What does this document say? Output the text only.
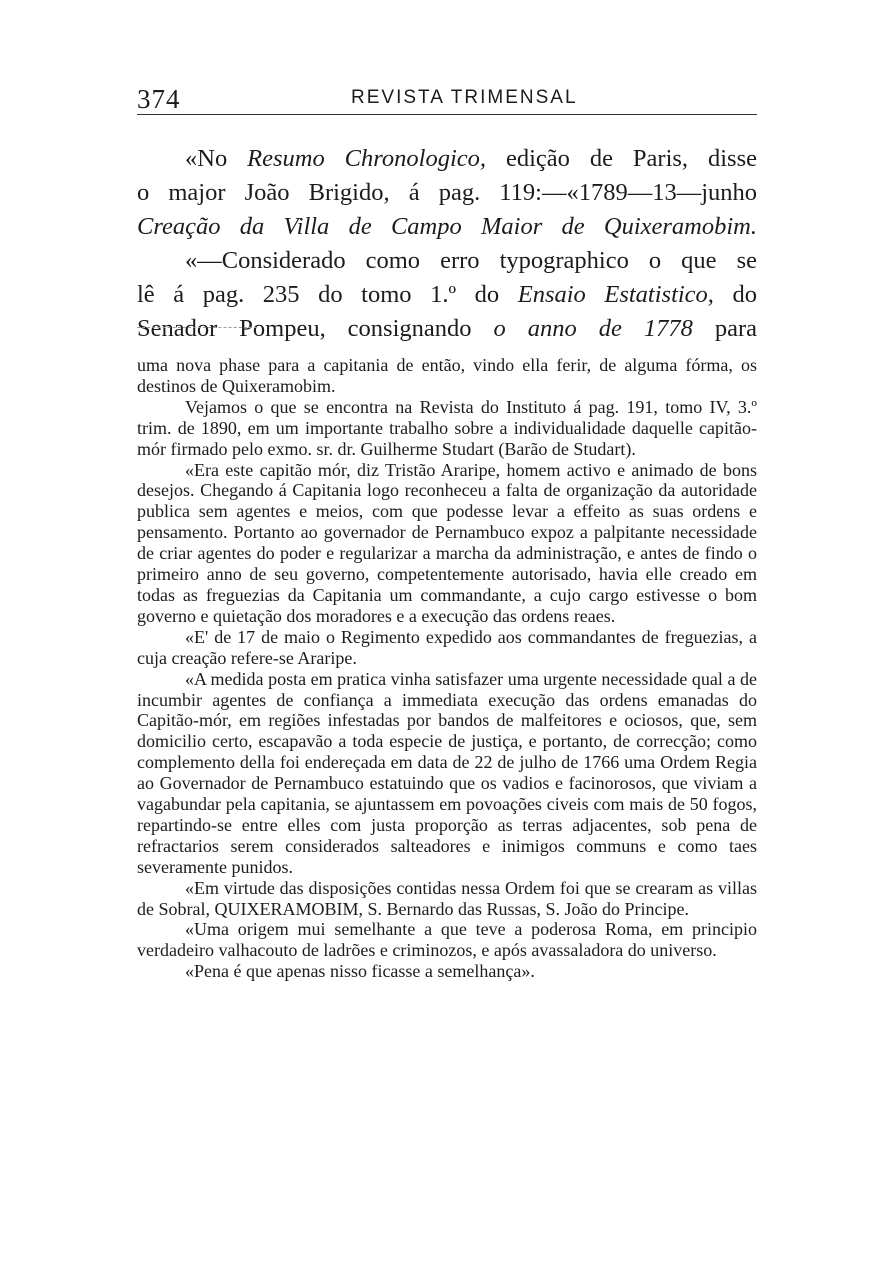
374	REVISTA TRIMENSAL

«No Resumo Chronologico, edição de Paris, disse

o major João Brigido, á pag. 119:—«1789—13—junho

Creação da Villa de Campo Maior de Quixeramobim.

«—Considerado como erro typographico o que se

lê á pag. 235 do tomo 1.º do Ensaio Estatistico, do

Senador Pompeu, consignando o anno de 1778 para

uma nova phase para a capitania de então, vindo ella ferir, de alguma fórma, os destinos de Quixeramobim.

Vejamos o que se encontra na Revista do Instituto á pag. 191, tomo IV, 3.º trim. de 1890, em um importante trabalho sobre a individualidade daquelle capitão-mór firmado pelo exmo. sr. dr. Guilherme Studart (Barão de Studart).

«Era este capitão mór, diz Tristão Araripe, homem activo e animado de bons desejos. Chegando á Capitania logo reconheceu a falta de organização da autoridade publica sem agentes e meios, com que podesse levar a effeito as suas ordens e pensamento. Portanto ao governador de Pernambuco expoz a palpitante necessidade de criar agentes do poder e regularizar a marcha da administração, e antes de findo o primeiro anno de seu governo, competentemente autorisado, havia elle creado em todas as freguezias da Capitania um commandante, a cujo cargo estivesse o bom governo e quietação dos moradores e a execução das ordens reaes.

«E' de 17 de maio o Regimento expedido aos commandantes de freguezias, a cuja creação refere-se Araripe.

«A medida posta em pratica vinha satisfazer uma urgente necessidade qual a de incumbir agentes de confiança a immediata execução das ordens emanadas do Capitão-mór, em regiões infestadas por bandos de malfeitores e ociosos, que, sem domicilio certo, escapavão a toda especie de justiça, e portanto, de correcção; como complemento della foi endereçada em data de 22 de julho de 1766 uma Ordem Regia ao Governador de Pernambuco estatuindo que os vadios e facinorosos, que viviam a vagabundar pela capitania, se ajuntassem em povoações civeis com mais de 50 fogos, repartindo-se entre elles com justa proporção as terras adjacentes, sob pena de refractarios serem considerados salteadores e inimigos communs e como taes severamente punidos.

«Em virtude das disposições contidas nessa Ordem foi que se crearam as villas de Sobral, QUIXERAMOBIM, S. Bernardo das Russas, S. João do Principe.

«Uma origem mui semelhante a que teve a poderosa Roma, em principio verdadeiro valhacouto de ladrões e criminozos, e após avassaladora do universo.

«Pena é que apenas nisso ficasse a semelhança».
